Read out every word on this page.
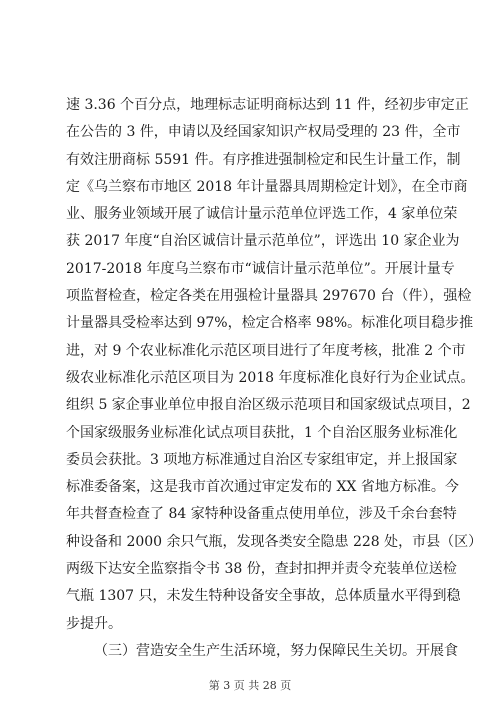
速 3.36 个百分点，地理标志证明商标达到 11 件，经初步审定正
在公告的 3 件，申请以及经国家知识产权局受理的 23 件，全市
有效注册商标 5591 件。有序推进强制检定和民生计量工作，制
定《乌兰察布市地区 2018 年计量器具周期检定计划》，在全市商
业、服务业领域开展了诚信计量示范单位评选工作，4 家单位荣
获 2017 年度“自治区诚信计量示范单位”，评选出 10 家企业为
2017-2018 年度乌兰察布市“诚信计量示范单位”。开展计量专
项监督检查，检定各类在用强检计量器具 297670 台（件），强检
计量器具受检率达到 97%，检定合格率 98%。标准化项目稳步推
进，对 9 个农业标准化示范区项目进行了年度考核，批准 2 个市
级农业标准化示范区项目为 2018 年度标准化良好行为企业试点。
组织 5 家企事业单位申报自治区级示范项目和国家级试点项目，2
个国家级服务业标准化试点项目获批，1 个自治区服务业标准化
委员会获批。3 项地方标准通过自治区专家组审定，并上报国家
标准委备案，这是我市首次通过审定发布的 XX 省地方标准。今
年共督查检查了 84 家特种设备重点使用单位，涉及千余台套特
种设备和 2000 余只气瓶，发现各类安全隐患 228 处，市县（区）
两级下达安全监察指令书 38 份，查封扣押并责令充装单位送检
气瓶 1307 只，未发生特种设备安全事故，总体质量水平得到稳
步提升。
（三）营造安全生产生活环境，努力保障民生关切。开展食
第 3 页 共 28 页
